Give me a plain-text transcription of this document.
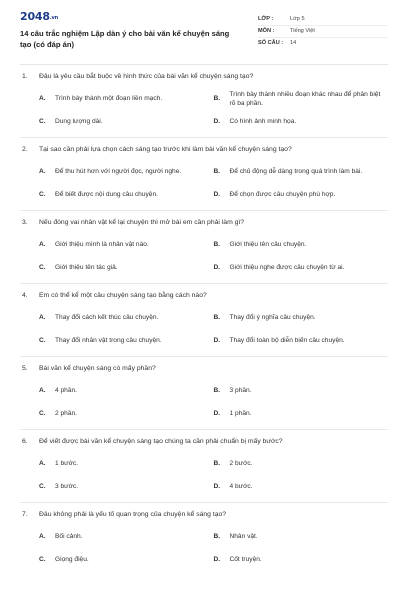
2048.vn
14 câu trắc nghiệm Lập dàn ý cho bài văn kể chuyện sáng tạo (có đáp án)
LỚP :	Lớp 5
MÔN :	Tiếng Việt
SỐ CÂU :	14
1.	Đâu là yêu cầu bắt buộc về hình thức của bài văn kể chuyện sáng tạo?
A.	Trình bày thành một đoạn liền mạch.	B.
Trình bày thành nhiều đoạn khác nhau để phân biệt rõ ba phần.
C.	Dung lượng dài.	D.	Có hình ảnh minh họa.
2.	Tại sao cần phải lựa chọn cách sáng tạo trước khi làm bài văn kể chuyện sáng tạo?
A.	Để thu hút hơn với người đọc, người nghe.	B.	Để chủ động dễ dàng trong quá trình làm bài.
C.	Để biết được nội dung câu chuyện.	D.	Để chọn được câu chuyện phù hợp.
3.	Nếu đóng vai nhân vật kể lại chuyện thì mở bài em cần phải làm gì?
A.	Giới thiệu mình là nhân vật nào.	B.	Giới thiệu tên câu chuyện.
C.	Giới thiệu tên tác giả.	D.	Giới thiệu nghe được câu chuyện từ ai.
4.	Em có thể kể một câu chuyện sáng tạo bằng cách nào?
A.	Thay đổi cách kết thúc câu chuyện.	B.	Thay đổi ý nghĩa câu chuyện.
C.	Thay đổi nhân vật trong câu chuyện.	D.	Thay đổi toàn bộ diễn biến câu chuyện.
5.	Bài văn kể chuyện sáng có mấy phần?
A.	4 phần.	B.	3 phần.
C.	2 phần.	D.	1 phần.
6.	Để viết được bài văn kể chuyện sáng tạo chúng ta cần phải chuẩn bị mấy bước?
A.	1 bước.	B.	2 bước.
C.	3 bước.	D.	4 bước.
7.	Đâu không phải là yếu tố quan trọng của chuyện kể sáng tạo?
A.	Bối cảnh.	B.	Nhân vật.
C.	Giọng điệu.	D.	Cốt truyện.
